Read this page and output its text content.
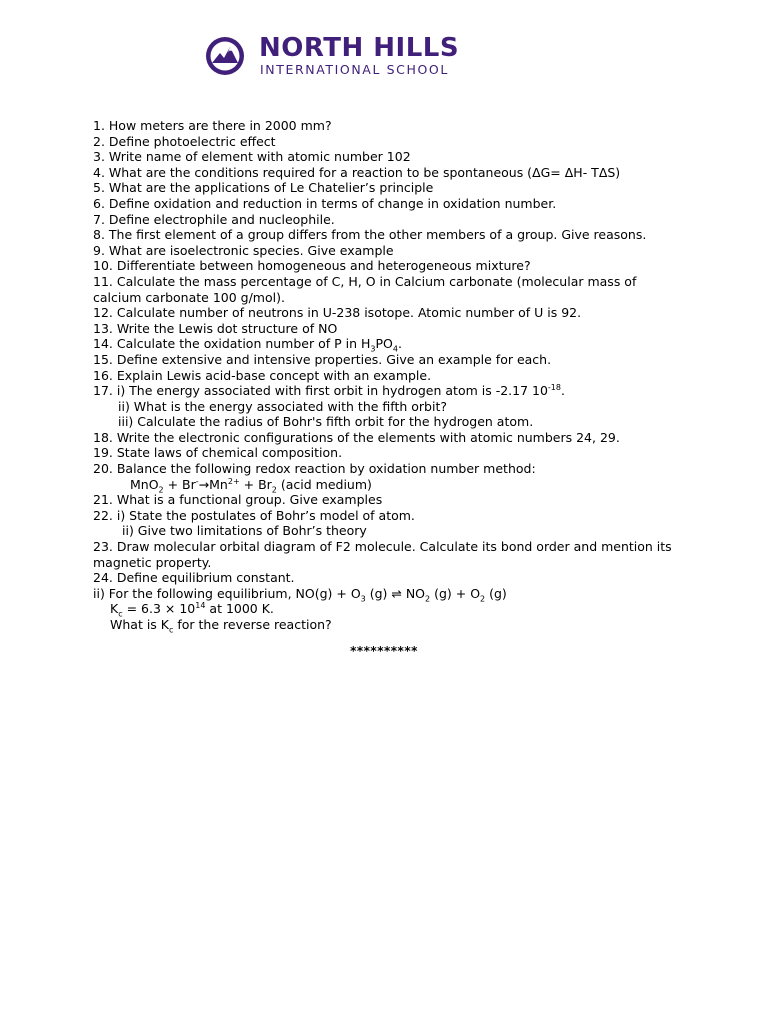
NORTH HILLS
INTERNATIONAL SCHOOL
1. How meters are there in 2000 mm?
2. Define photoelectric effect
3. Write name of element with atomic number 102
4. What are the conditions required for a reaction to be spontaneous (ΔG= ΔH- TΔS)
5. What are the applications of Le Chatelier’s principle
6. Define oxidation and reduction in terms of change in oxidation number.
7. Define electrophile and nucleophile.
8. The first element of a group differs from the other members of a group. Give reasons.
9. What are isoelectronic species. Give example
10. Differentiate between homogeneous and heterogeneous mixture?
11. Calculate the mass percentage of C, H, O in Calcium carbonate (molecular mass of calcium carbonate 100 g/mol).
12. Calculate number of neutrons in U-238 isotope. Atomic number of U is 92.
13. Write the Lewis dot structure of NO
14. Calculate the oxidation number of P in $H_3PO_4$.
15. Define extensive and intensive properties. Give an example for each.
16. Explain Lewis acid-base concept with an example.
17. i) The energy associated with first orbit in hydrogen atom is -2.17 $10^{-18}$.
ii) What is the energy associated with the fifth orbit?
iii) Calculate the radius of Bohr's fifth orbit for the hydrogen atom.
18. Write the electronic configurations of the elements with atomic numbers 24, 29.
19. State laws of chemical composition.
20. Balance the following redox reaction by oxidation number method:
$MnO_2 + Br^-\to Mn^{2+} + Br_2$ (acid medium)
21. What is a functional group. Give examples
22. i) State the postulates of Bohr’s model of atom.
ii) Give two limitations of Bohr’s theory
23. Draw molecular orbital diagram of F2 molecule. Calculate its bond order and mention its magnetic property.
24. Define equilibrium constant.
ii) For the following equilibrium, $NO(g) + O_3$ (g) ⇌ $NO_2$ $(g) + O_2$ (g)
$K_c = 6.3 \times 10^{14}$ at 1000 K.
What is $K_c$ for the reverse reaction?
**********
